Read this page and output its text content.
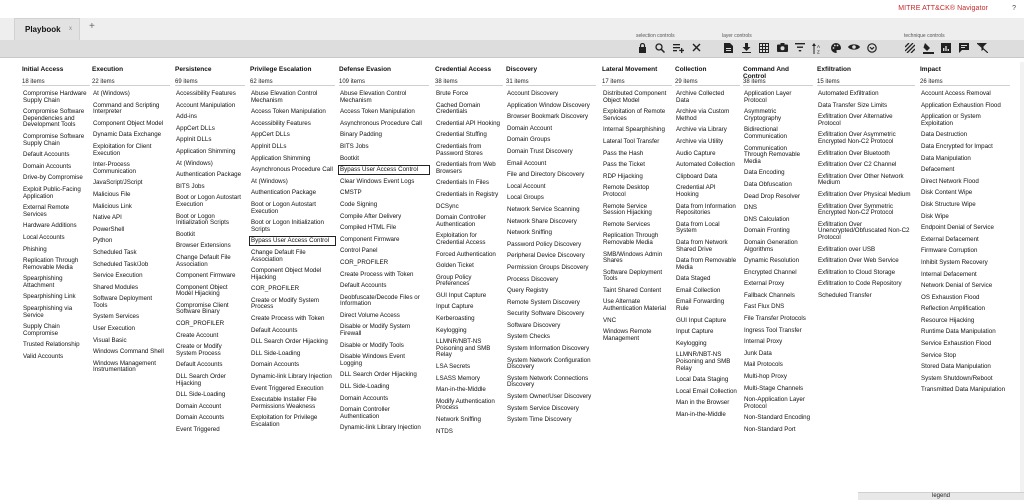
MITRE ATT&CK® Navigator	?
Playbook x +
selection controls	layer controls	technique controls
A
Z
Initial Access
18 items
Compromise Hardware Supply Chain
Compromise Software Dependencies and Development Tools
Compromise Software Supply Chain
Default Accounts
Domain Accounts
Drive-by Compromise
Exploit Public-Facing Application
External Remote Services
Hardware Additions
Local Accounts
Phishing
Replication Through Removable Media
Spearphishing Attachment
Spearphishing Link
Spearphishing via Service
Supply Chain Compromise
Trusted Relationship
Valid Accounts
Execution
22 items
At (Windows)
Command and Scripting Interpreter
Component Object Model
Dynamic Data Exchange
Exploitation for Client Execution
Inter-Process Communication
JavaScript/JScript
Malicious File
Malicious Link
Native API
PowerShell
Python
Scheduled Task
Scheduled Task/Job
Service Execution
Shared Modules
Software Deployment Tools
System Services
User Execution
Visual Basic
Windows Command Shell
Windows Management Instrumentation
Persistence
69 items
Accessibility Features
Account Manipulation
Add-ins
AppCert DLLs
AppInit DLLs
Application Shimming
At (Windows)
Authentication Package
BITS Jobs
Boot or Logon Autostart Execution
Boot or Logon Initialization Scripts
Bootkit
Browser Extensions
Change Default File Association
Component Firmware
Component Object Model Hijacking
Compromise Client Software Binary
COR_PROFILER
Create Account
Create or Modify System Process
Default Accounts
DLL Search Order Hijacking
DLL Side-Loading
Domain Account
Domain Accounts
Event Triggered
Privilege Escalation
62 items
Abuse Elevation Control Mechanism
Access Token Manipulation
Accessibility Features
AppCert DLLs
AppInit DLLs
Application Shimming
Asynchronous Procedure Call
At (Windows)
Authentication Package
Boot or Logon Autostart Execution
Boot or Logon Initialization Scripts
Bypass User Access Control
Change Default File Association
Component Object Model Hijacking
COR_PROFILER
Create or Modify System Process
Create Process with Token
Default Accounts
DLL Search Order Hijacking
DLL Side-Loading
Domain Accounts
Dynamic-link Library Injection
Event Triggered Execution
Executable Installer File Permissions Weakness
Exploitation for Privilege Escalation
Defense Evasion
109 items
Abuse Elevation Control Mechanism
Access Token Manipulation
Asynchronous Procedure Call
Binary Padding
BITS Jobs
Bootkit
Bypass User Access Control
Clear Windows Event Logs
CMSTP
Code Signing
Compile After Delivery
Compiled HTML File
Component Firmware
Control Panel
COR_PROFILER
Create Process with Token
Default Accounts
Deobfuscate/Decode Files or Information
Direct Volume Access
Disable or Modify System Firewall
Disable or Modify Tools
Disable Windows Event Logging
DLL Search Order Hijacking
DLL Side-Loading
Domain Accounts
Domain Controller Authentication
Dynamic-link Library Injection
Credential Access
38 items
Brute Force
Cached Domain Credentials
Credential API Hooking
Credential Stuffing
Credentials from Password Stores
Credentials from Web Browsers
Credentials In Files
Credentials in Registry
DCSync
Domain Controller Authentication
Exploitation for Credential Access
Forced Authentication
Golden Ticket
Group Policy Preferences
GUI Input Capture
Input Capture
Kerberoasting
Keylogging
LLMNR/NBT-NS Poisoning and SMB Relay
LSA Secrets
LSASS Memory
Man-in-the-Middle
Modify Authentication Process
Network Sniffing
NTDS
Discovery
31 items
Account Discovery
Application Window Discovery
Browser Bookmark Discovery
Domain Account
Domain Groups
Domain Trust Discovery
Email Account
File and Directory Discovery
Local Account
Local Groups
Network Service Scanning
Network Share Discovery
Network Sniffing
Password Policy Discovery
Peripheral Device Discovery
Permission Groups Discovery
Process Discovery
Query Registry
Remote System Discovery
Security Software Discovery
Software Discovery
System Checks
System Information Discovery
System Network Configuration Discovery
System Network Connections Discovery
System Owner/User Discovery
System Service Discovery
System Time Discovery
Lateral Movement
17 items
Distributed Component Object Model
Exploitation of Remote Services
Internal Spearphishing
Lateral Tool Transfer
Pass the Hash
Pass the Ticket
RDP Hijacking
Remote Desktop Protocol
Remote Service Session Hijacking
Remote Services
Replication Through Removable Media
SMB/Windows Admin Shares
Software Deployment Tools
Taint Shared Content
Use Alternate Authentication Material
VNC
Windows Remote Management
Collection
29 items
Archive Collected Data
Archive via Custom Method
Archive via Library
Archive via Utility
Audio Capture
Automated Collection
Clipboard Data
Credential API Hooking
Data from Information Repositories
Data from Local System
Data from Network Shared Drive
Data from Removable Media
Data Staged
Email Collection
Email Forwarding Rule
GUI Input Capture
Input Capture
Keylogging
LLMNR/NBT-NS Poisoning and SMB Relay
Local Data Staging
Local Email Collection
Man in the Browser
Man-in-the-Middle
Command And Control
38 items
Application Layer Protocol
Asymmetric Cryptography
Bidirectional Communication
Communication Through Removable Media
Data Encoding
Data Obfuscation
Dead Drop Resolver
DNS
DNS Calculation
Domain Fronting
Domain Generation Algorithms
Dynamic Resolution
Encrypted Channel
External Proxy
Fallback Channels
Fast Flux DNS
File Transfer Protocols
Ingress Tool Transfer
Internal Proxy
Junk Data
Mail Protocols
Multi-hop Proxy
Multi-Stage Channels
Non-Application Layer Protocol
Non-Standard Encoding
Non-Standard Port
Exfiltration
15 items
Automated Exfiltration
Data Transfer Size Limits
Exfiltration Over Alternative Protocol
Exfiltration Over Asymmetric Encrypted Non-C2 Protocol
Exfiltration Over Bluetooth
Exfiltration Over C2 Channel
Exfiltration Over Other Network Medium
Exfiltration Over Physical Medium
Exfiltration Over Symmetric Encrypted Non-C2 Protocol
Exfiltration Over Unencrypted/Obfuscated Non-C2 Protocol
Exfiltration over USB
Exfiltration Over Web Service
Exfiltration to Cloud Storage
Exfiltration to Code Repository
Scheduled Transfer
Impact
26 items
Account Access Removal
Application Exhaustion Flood
Application or System Exploitation
Data Destruction
Data Encrypted for Impact
Data Manipulation
Defacement
Direct Network Flood
Disk Content Wipe
Disk Structure Wipe
Disk Wipe
Endpoint Denial of Service
External Defacement
Firmware Corruption
Inhibit System Recovery
Internal Defacement
Network Denial of Service
OS Exhaustion Flood
Reflection Amplification
Resource Hijacking
Runtime Data Manipulation
Service Exhaustion Flood
Service Stop
Stored Data Manipulation
System Shutdown/Reboot
Transmitted Data Manipulation
legend
